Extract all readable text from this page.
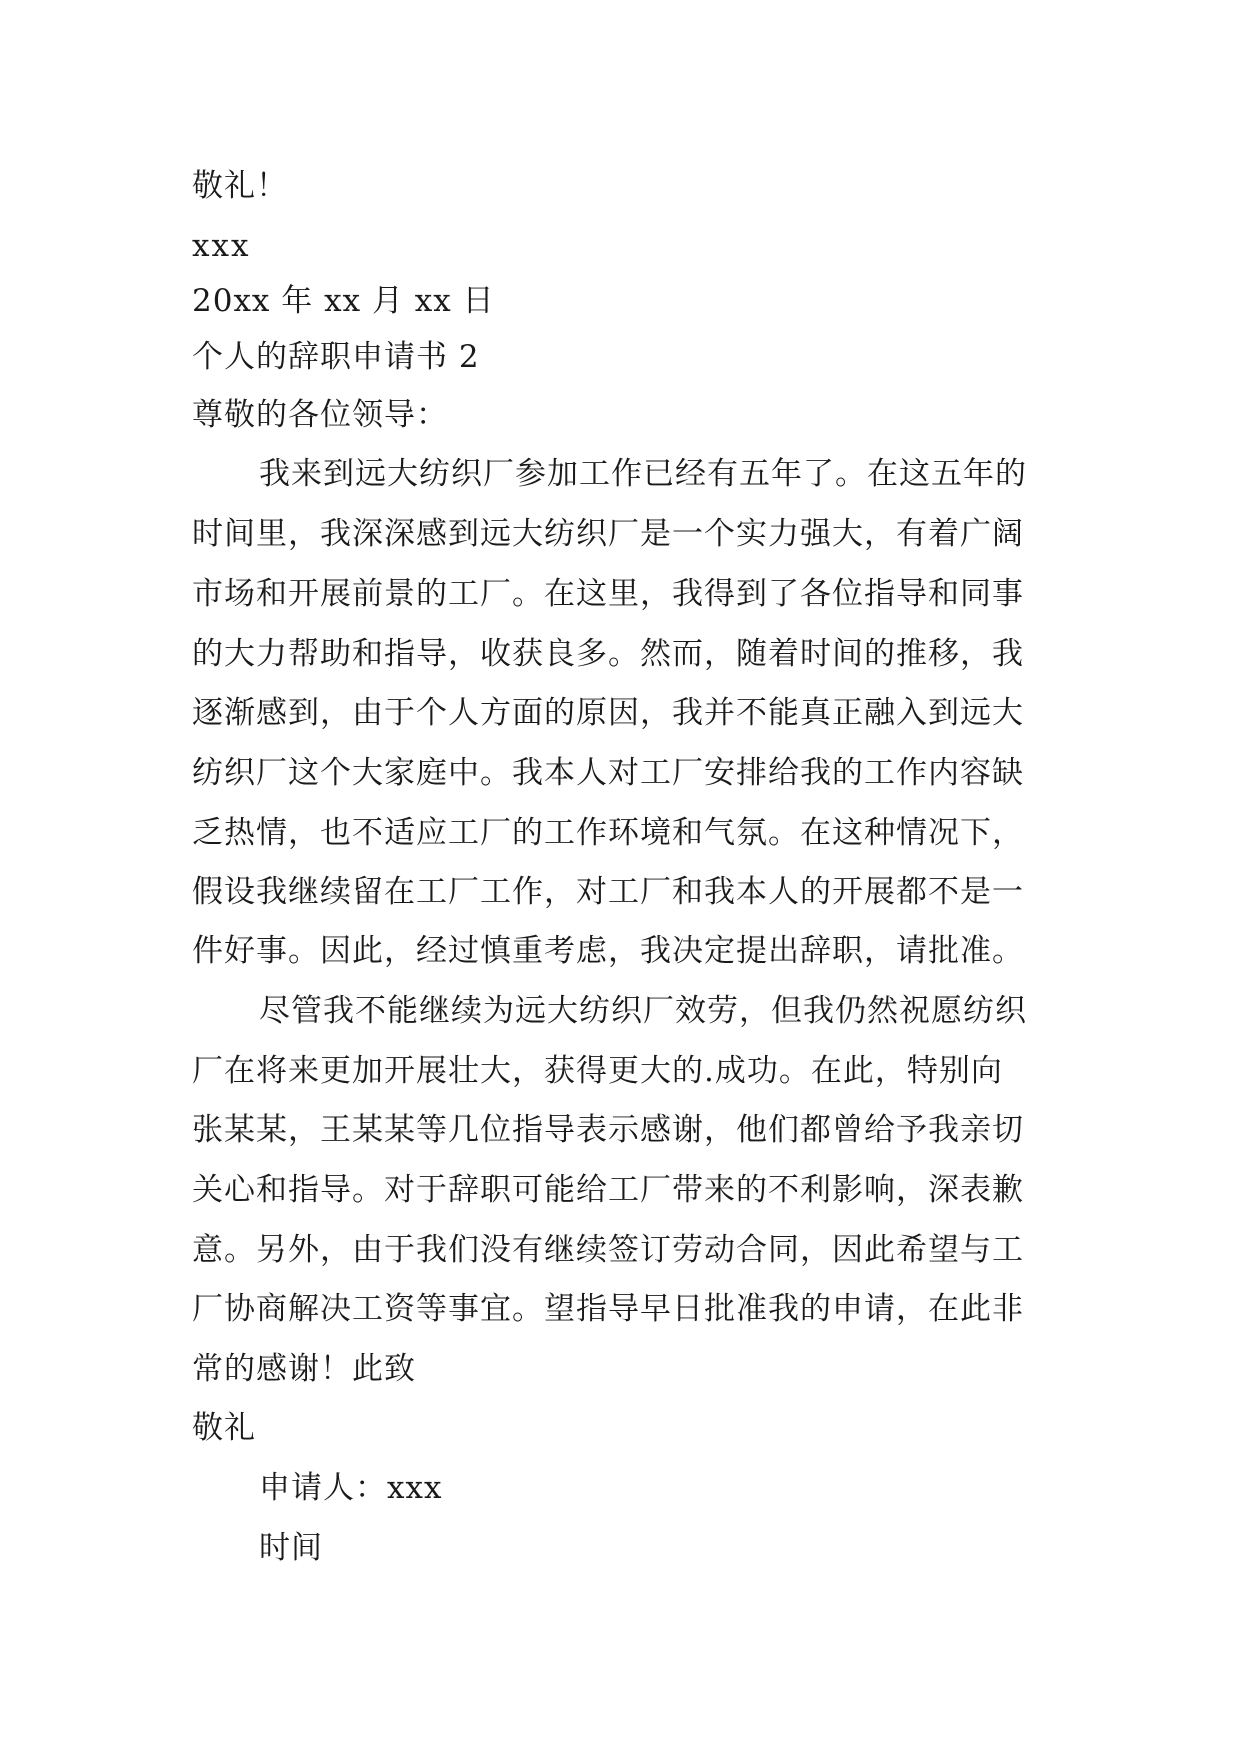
敬礼！
xxx
20xx 年 xx 月 xx 日
个人的辞职申请书 2
尊敬的各位领导：
我来到远大纺织厂参加工作已经有五年了。在这五年的
时间里，我深深感到远大纺织厂是一个实力强大，有着广阔
市场和开展前景的工厂。在这里，我得到了各位指导和同事
的大力帮助和指导，收获良多。然而，随着时间的推移，我
逐渐感到，由于个人方面的原因，我并不能真正融入到远大
纺织厂这个大家庭中。我本人对工厂安排给我的工作内容缺
乏热情，也不适应工厂的工作环境和气氛。在这种情况下，
假设我继续留在工厂工作，对工厂和我本人的开展都不是一
件好事。因此，经过慎重考虑，我决定提出辞职，请批准。
尽管我不能继续为远大纺织厂效劳，但我仍然祝愿纺织
厂在将来更加开展壮大，获得更大的.成功。在此，特别向
张某某，王某某等几位指导表示感谢，他们都曾给予我亲切
关心和指导。对于辞职可能给工厂带来的不利影响，深表歉
意。另外，由于我们没有继续签订劳动合同，因此希望与工
厂协商解决工资等事宜。望指导早日批准我的申请，在此非
常的感谢！此致
敬礼
申请人：xxx
时间
